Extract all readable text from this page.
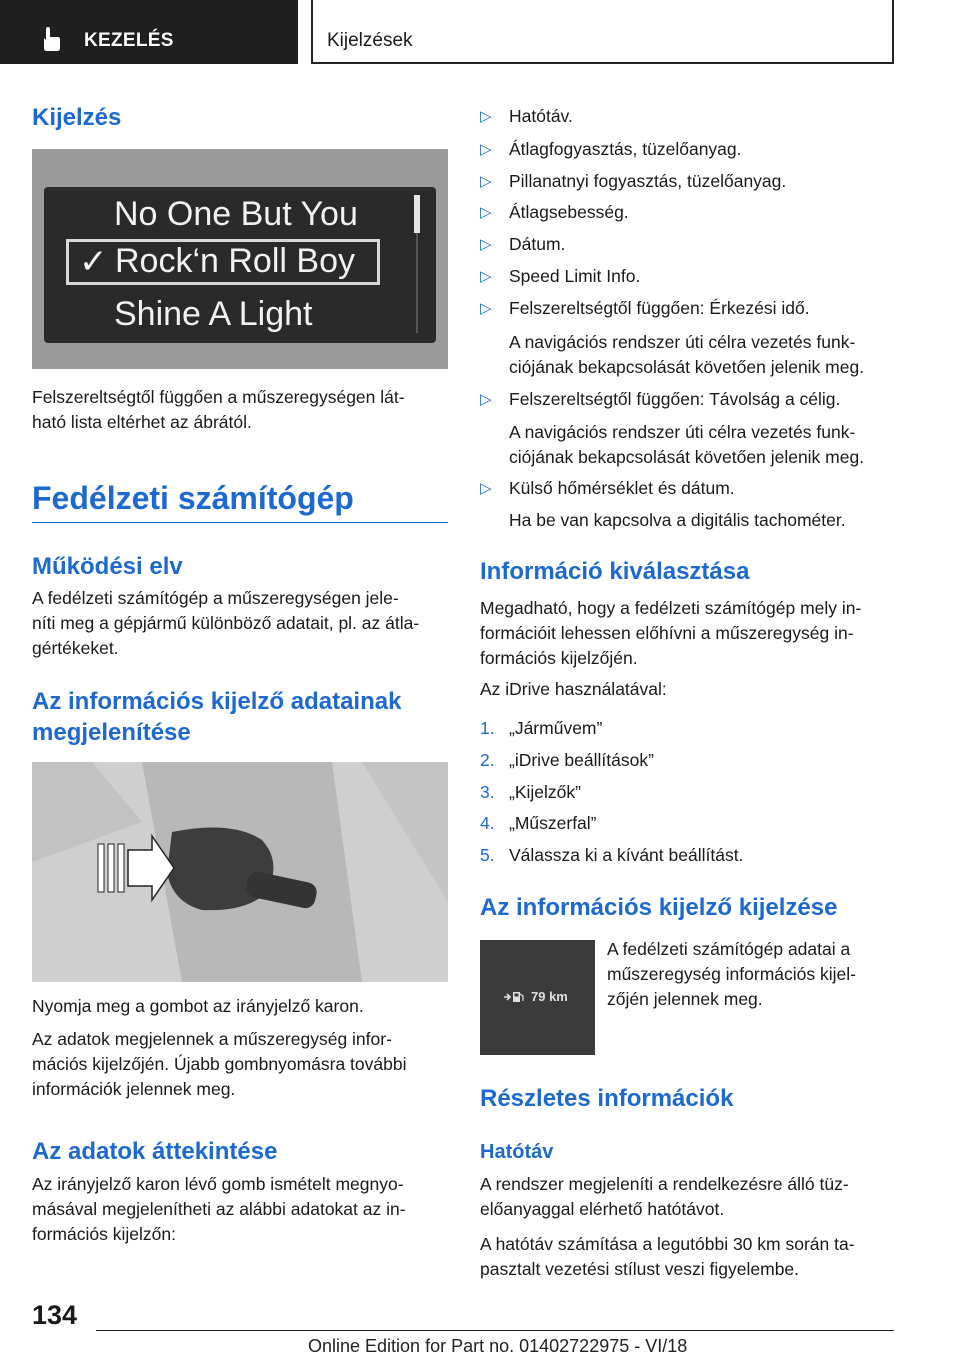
KEZELÉS	Kijelzések
Kijelzés
No One But You
✓ Rock‘n Roll Boy
Shine A Light
Felszereltségtől függően a műszeregységen lát-
ható lista eltérhet az ábrától.
Fedélzeti számítógép
Működési elv
A fedélzeti számítógép a műszeregységen jele-
níti meg a gépjármű különböző adatait, pl. az átla-
gértékeket.
Az információs kijelző adatainak
megjelenítése
Nyomja meg a gombot az irányjelző karon.
Az adatok megjelennek a műszeregység infor-
mációs kijelzőjén. Újabb gombnyomásra további
információk jelennek meg.
Az adatok áttekintése
Az irányjelző karon lévő gomb ismételt megnyo-
másával megjelenítheti az alábbi adatokat az in-
formációs kijelzőn:
▷ Hatótáv.
▷ Átlagfogyasztás, tüzelőanyag.
▷ Pillanatnyi fogyasztás, tüzelőanyag.
▷ Átlagsebesség.
▷ Dátum.
▷ Speed Limit Info.
▷ Felszereltségtől függően: Érkezési idő.
A navigációs rendszer úti célra vezetés funk-
ciójának bekapcsolását követően jelenik meg.
▷ Felszereltségtől függően: Távolság a célig.
A navigációs rendszer úti célra vezetés funk-
ciójának bekapcsolását követően jelenik meg.
▷ Külső hőmérséklet és dátum.
Ha be van kapcsolva a digitális tachométer.
Információ kiválasztása
Megadható, hogy a fedélzeti számítógép mely in-
formációit lehessen előhívni a műszeregység in-
formációs kijelzőjén.
Az iDrive használatával:
1. „Járművem”
2. „iDrive beállítások”
3. „Kijelzők”
4. „Műszerfal”
5. Válassza ki a kívánt beállítást.
Az információs kijelző kijelzése
79 km
A fedélzeti számítógép adatai a
műszeregység információs kijel-
zőjén jelennek meg.
Részletes információk
Hatótáv
A rendszer megjeleníti a rendelkezésre álló tüz-
előanyaggal elérhető hatótávot.
A hatótáv számítása a legutóbbi 30 km során ta-
pasztalt vezetési stílust veszi figyelembe.
134
Online Edition for Part no. 01402722975 - VI/18
